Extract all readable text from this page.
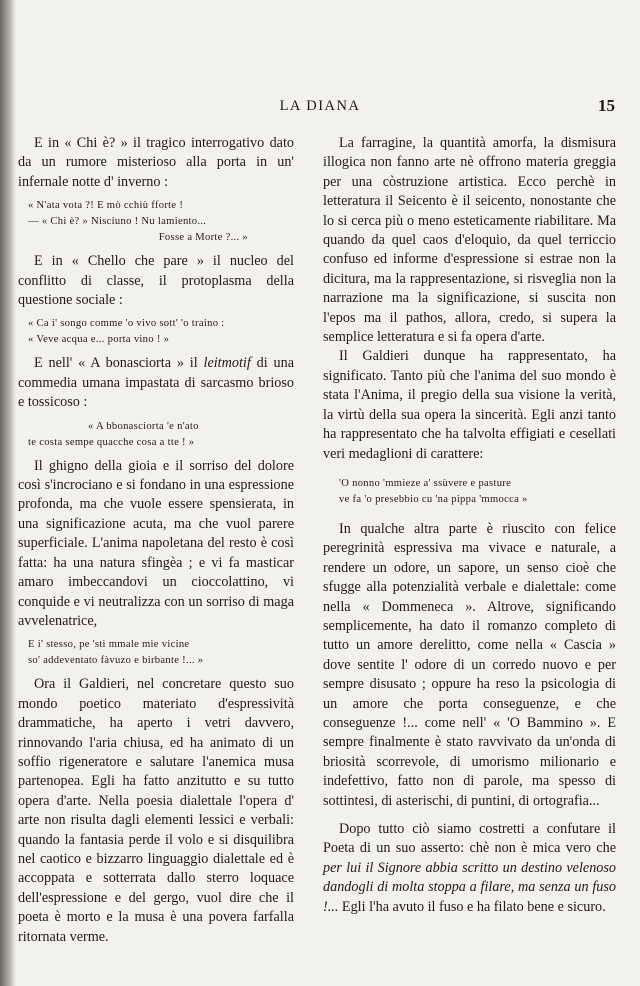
LA DIANA	15

E in « Chi è? » il tragico interrogativo dato da un rumore misterioso alla porta in un' infernale notte d' inverno :

« N'ata vota ?! E mò cchiù fforte !
— « Chi è? » Nisciuno ! Nu lamiento...
Fosse a Morte ?... »

E in « Chello che pare » il nucleo del conflitto di classe, il protoplasma della questione sociale :

« Ca i' songo comme 'o vivo sott' 'o traino :
« Veve acqua e... porta vino ! »

E nell' « A bonasciorta » il leitmotif di una commedia umana impastata di sarcasmo brioso e tossicoso :

« A bbonasciorta 'e n'ato
te costa sempe quacche cosa a tte ! »

Il ghigno della gioia e il sorriso del dolore così s'incrociano e si fondano in una espressione profonda, ma che vuole essere spensierata, in una significazione acuta, ma che vuol parere superficiale. L'anima napoletana del resto è così fatta: ha una natura sfingèa ; e vi fa masticar amaro imbeccandovi un cioccolattino, vi conquide e vi neutralizza con un sorriso di maga avvelenatrice,

E i' stesso, pe 'sti mmale mie vicine
so' addeventato fàvuzo e birbante !... »

Ora il Galdieri, nel concretare questo suo mondo poetico materiato d'espressività drammatiche, ha aperto i vetri davvero, rinnovando l'aria chiusa, ed ha animato di un soffio rigeneratore e salutare l'anemica musa partenopea. Egli ha fatto anzitutto e su tutto opera d'arte. Nella poesia dialettale l'opera d' arte non risulta dagli elementi lessici e verbali: quando la fantasia perde il volo e si disquilibra nel caotico e bizzarro linguaggio dialettale ed è accoppata e sotterrata dallo sterro loquace dell'espressione e del gergo, vuol dire che il poeta è morto e la musa è una povera farfalla ritornata verme.

La farragine, la quantità amorfa, la dismisura illogica non fanno arte nè offrono materia greggia per una còstruzione artistica. Ecco perchè in letteratura il Seicento è il seicento, nonostante che lo si cerca più o meno esteticamente riabilitare. Ma quando da quel caos d'eloquio, da quel terriccio confuso ed informe d'espressione si estrae non la dicitura, ma la rappresentazione, si risveglia non la narrazione ma la significazione, si suscita non l'epos ma il pathos, allora, credo, si supera la semplice letteratura e si fa opera d'arte.

Il Galdieri dunque ha rappresentato, ha significato. Tanto più che l'anima del suo mondo è stata l'Anima, il pregio della sua visione la verità, la virtù della sua opera la sincerità. Egli anzi tanto ha rappresentato che ha talvolta effigiati e cesellati veri medaglioni di carattere:

'O nonno 'mmieze a' ssùvere e pasture
ve fa 'o presebbio cu 'na pippa 'mmocca »

In qualche altra parte è riuscito con felice peregrinità espressiva ma vivace e naturale, a rendere un odore, un sapore, un senso cioè che sfugge alla potenzialità verbale e dialettale: come nella « Dommeneca ». Altrove, significando semplicemente, ha dato il romanzo completo di tutto un amore derelitto, come nella « Cascia » dove sentite l' odore di un corredo nuovo e per sempre disusato ; oppure ha reso la psicologia di un amore che porta conseguenze, e che conseguenze !... come nell' « 'O Bammino ». E sempre finalmente è stato ravvivato da un'onda di briosità scorrevole, di umorismo milionario e indefettivo, fatto non di parole, ma spesso di sottintesi, di asterischi, di puntini, di ortografia...

Dopo tutto ciò siamo costretti a confutare il Poeta di un suo asserto: chè non è mica vero che per lui il Signore abbia scritto un destino velenoso dandogli di molta stoppa a filare, ma senza un fuso !... Egli l'ha avuto il fuso e ha filato bene e sicuro.
